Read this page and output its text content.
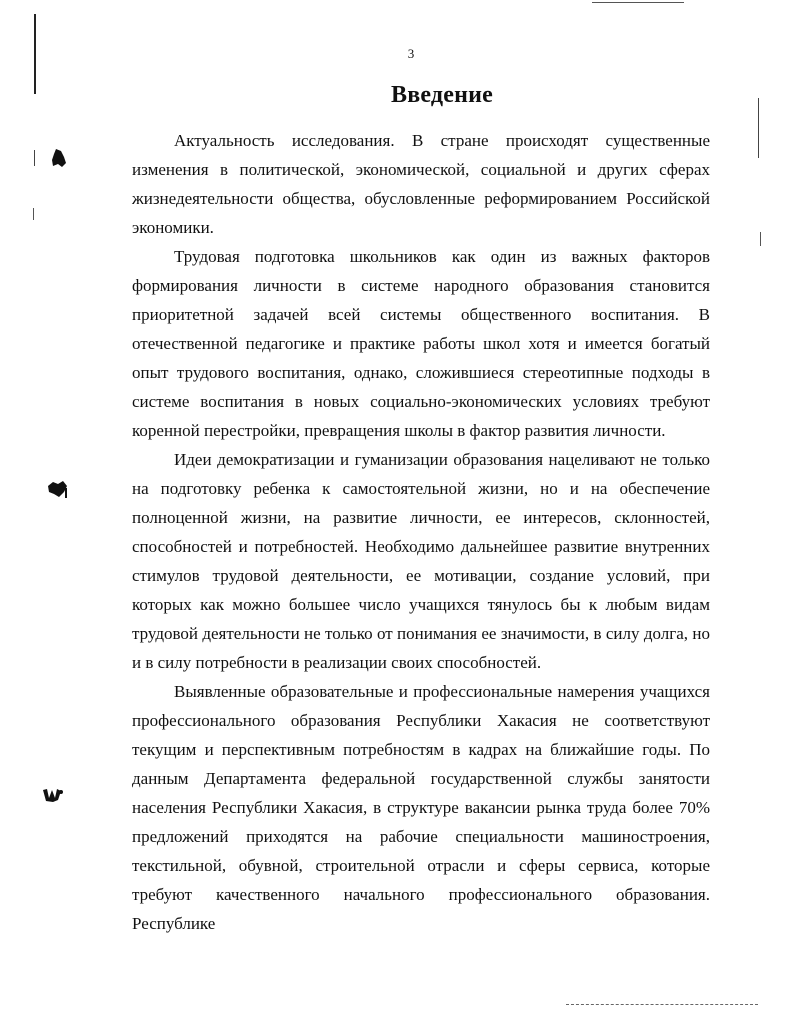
3
Введение

Актуальность исследования. В стране происходят существенные изменения в политической, экономической, социальной и других сферах жизнедеятельности общества, обусловленные реформированием Российской экономики.

Трудовая подготовка школьников как один из важных факторов формирования личности в системе народного образования становится приоритетной задачей всей системы общественного воспитания. В отечественной педагогике и практике работы школ хотя и имеется богатый опыт трудового воспитания, однако, сложившиеся стереотипные подходы в системе воспитания в новых социально-экономических условиях требуют коренной перестройки, превращения школы в фактор развития личности.

Идеи демократизации и гуманизации образования нацеливают не только на подготовку ребенка к самостоятельной жизни, но и на обеспечение полноценной жизни, на развитие личности, ее интересов, склонностей, способностей и потребностей. Необходимо дальнейшее развитие внутренних стимулов трудовой деятельности, ее мотивации, создание условий, при которых как можно большее число учащихся тянулось бы к любым видам трудовой деятельности не только от понимания ее значимости, в силу долга, но и в силу потребности в реализации своих способностей.

Выявленные образовательные и профессиональные намерения учащихся профессионального образования Республики Хакасия не соответствуют текущим и перспективным потребностям в кадрах на ближайшие годы. По данным Департамента федеральной государственной службы занятости населения Республики Хакасия, в структуре вакансии рынка труда более 70% предложений приходятся на рабочие специальности машиностроения, текстильной, обувной, строительной отрасли и сферы сервиса, которые требуют качественного начального профессионального образования. Республике
